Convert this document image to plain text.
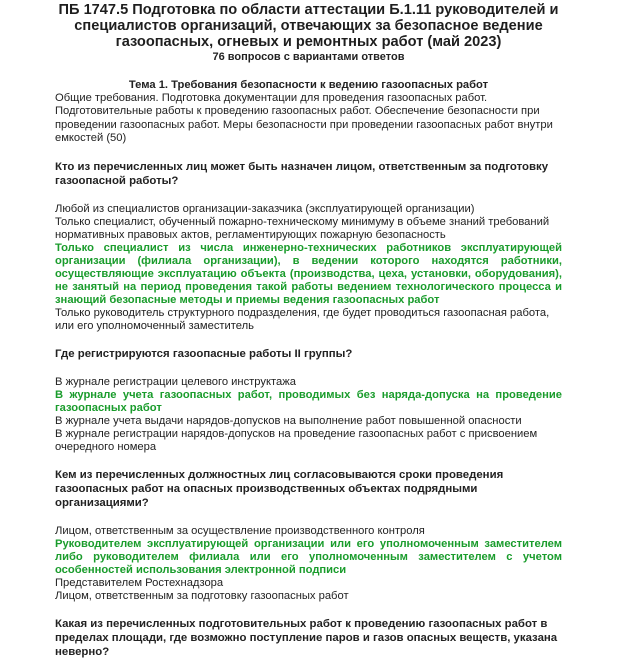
ПБ 1747.5 Подготовка по области аттестации Б.1.11 руководителей и специалистов организаций, отвечающих за безопасное ведение газоопасных, огневых и ремонтных работ (май 2023)

76 вопросов с вариантами ответов

Тема 1. Требования безопасности к ведению газоопасных работ

Общие требования. Подготовка документации для проведения газоопасных работ. Подготовительные работы к проведению газоопасных работ. Обеспечение безопасности при проведении газоопасных работ. Меры безопасности при проведении газоопасных работ внутри емкостей (50)

Кто из перечисленных лиц может быть назначен лицом, ответственным за подготовку газоопасной работы?

Любой из специалистов организации-заказчика (эксплуатирующей организации)
Только специалист, обученный пожарно-техническому минимуму в объеме знаний требований нормативных правовых актов, регламентирующих пожарную безопасность
Только специалист из числа инженерно-технических работников эксплуатирующей организации (филиала организации), в ведении которого находятся работники, осуществляющие эксплуатацию объекта (производства, цеха, установки, оборудования), не занятый на период проведения такой работы ведением технологического процесса и знающий безопасные методы и приемы ведения газоопасных работ
Только руководитель структурного подразделения, где будет проводиться газоопасная работа, или его уполномоченный заместитель

Где регистрируются газоопасные работы II группы?

В журнале регистрации целевого инструктажа
В журнале учета газоопасных работ, проводимых без наряда-допуска на проведение газоопасных работ
В журнале учета выдачи нарядов-допусков на выполнение работ повышенной опасности
В журнале регистрации нарядов-допусков на проведение газоопасных работ с присвоением очередного номера

Кем из перечисленных должностных лиц согласовываются сроки проведения газоопасных работ на опасных производственных объектах подрядными организациями?

Лицом, ответственным за осуществление производственного контроля
Руководителем эксплуатирующей организации или его уполномоченным заместителем либо руководителем филиала или его уполномоченным заместителем с учетом особенностей использования электронной подписи
Представителем Ростехнадзора
Лицом, ответственным за подготовку газоопасных работ

Какая из перечисленных подготовительных работ к проведению газоопасных работ в пределах площади, где возможно поступление паров и газов опасных веществ, указана неверно?
